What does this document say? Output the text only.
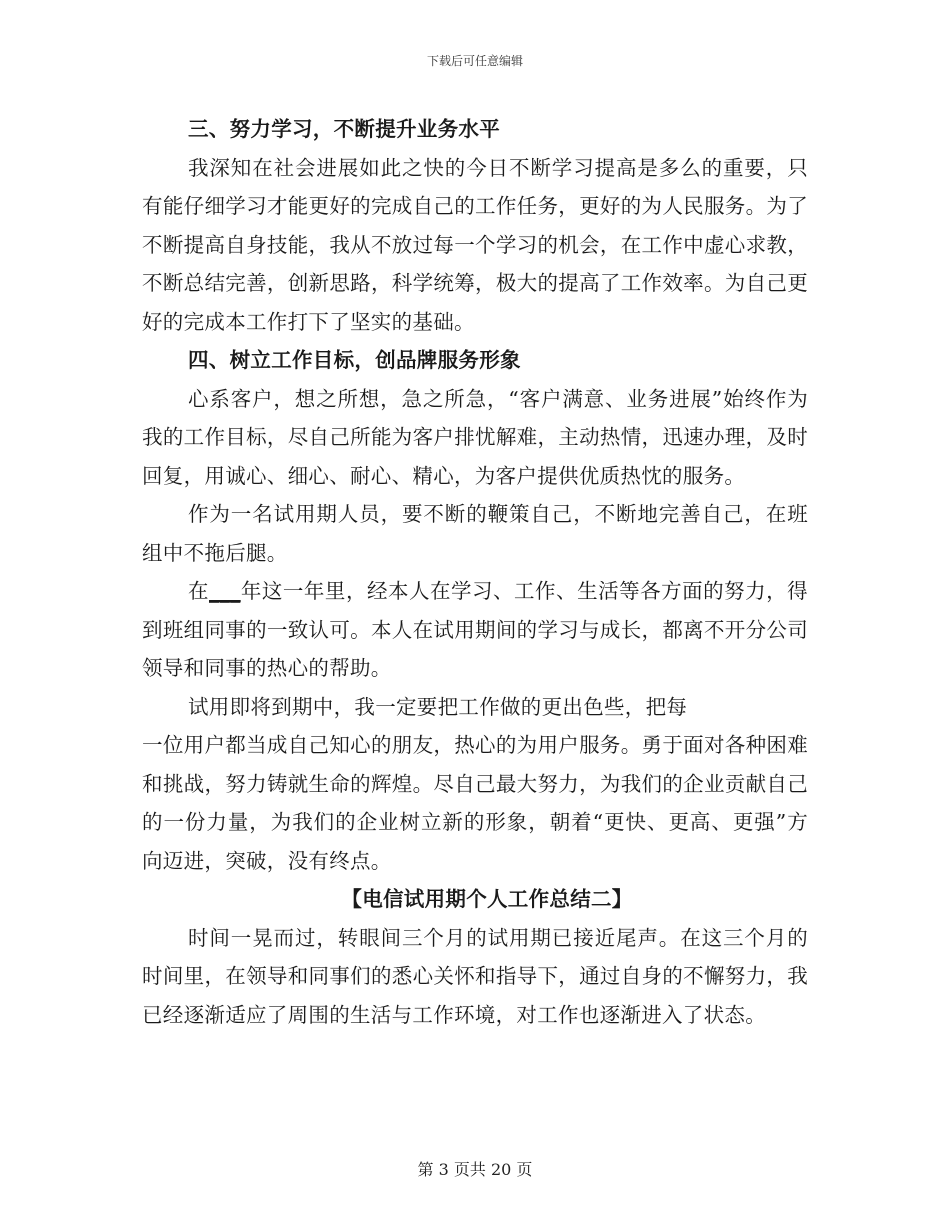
下载后可任意编辑

三、努力学习，不断提升业务水平

我深知在社会进展如此之快的今日不断学习提高是多么的重要，只有能仔细学习才能更好的完成自己的工作任务，更好的为人民服务。为了不断提高自身技能，我从不放过每一个学习的机会，在工作中虚心求教，不断总结完善，创新思路，科学统筹，极大的提高了工作效率。为自己更好的完成本工作打下了坚实的基础。

四、树立工作目标，创品牌服务形象

心系客户，想之所想，急之所急，“客户满意、业务进展”始终作为我的工作目标，尽自己所能为客户排忧解难，主动热情，迅速办理，及时回复，用诚心、细心、耐心、精心，为客户提供优质热忱的服务。

作为一名试用期人员，要不断的鞭策自己，不断地完善自己，在班组中不拖后腿。

在___年这一年里，经本人在学习、工作、生活等各方面的努力，得到班组同事的一致认可。本人在试用期间的学习与成长，都离不开分公司领导和同事的热心的帮助。

试用即将到期中，我一定要把工作做的更出色些，把每

一位用户都当成自己知心的朋友，热心的为用户服务。勇于面对各种困难和挑战，努力铸就生命的辉煌。尽自己最大努力，为我们的企业贡献自己的一份力量，为我们的企业树立新的形象，朝着“更快、更高、更强”方向迈进，突破，没有终点。

【电信试用期个人工作总结二】

时间一晃而过，转眼间三个月的试用期已接近尾声。在这三个月的时间里，在领导和同事们的悉心关怀和指导下，通过自身的不懈努力，我已经逐渐适应了周围的生活与工作环境，对工作也逐渐进入了状态。

第 3 页共 20 页
